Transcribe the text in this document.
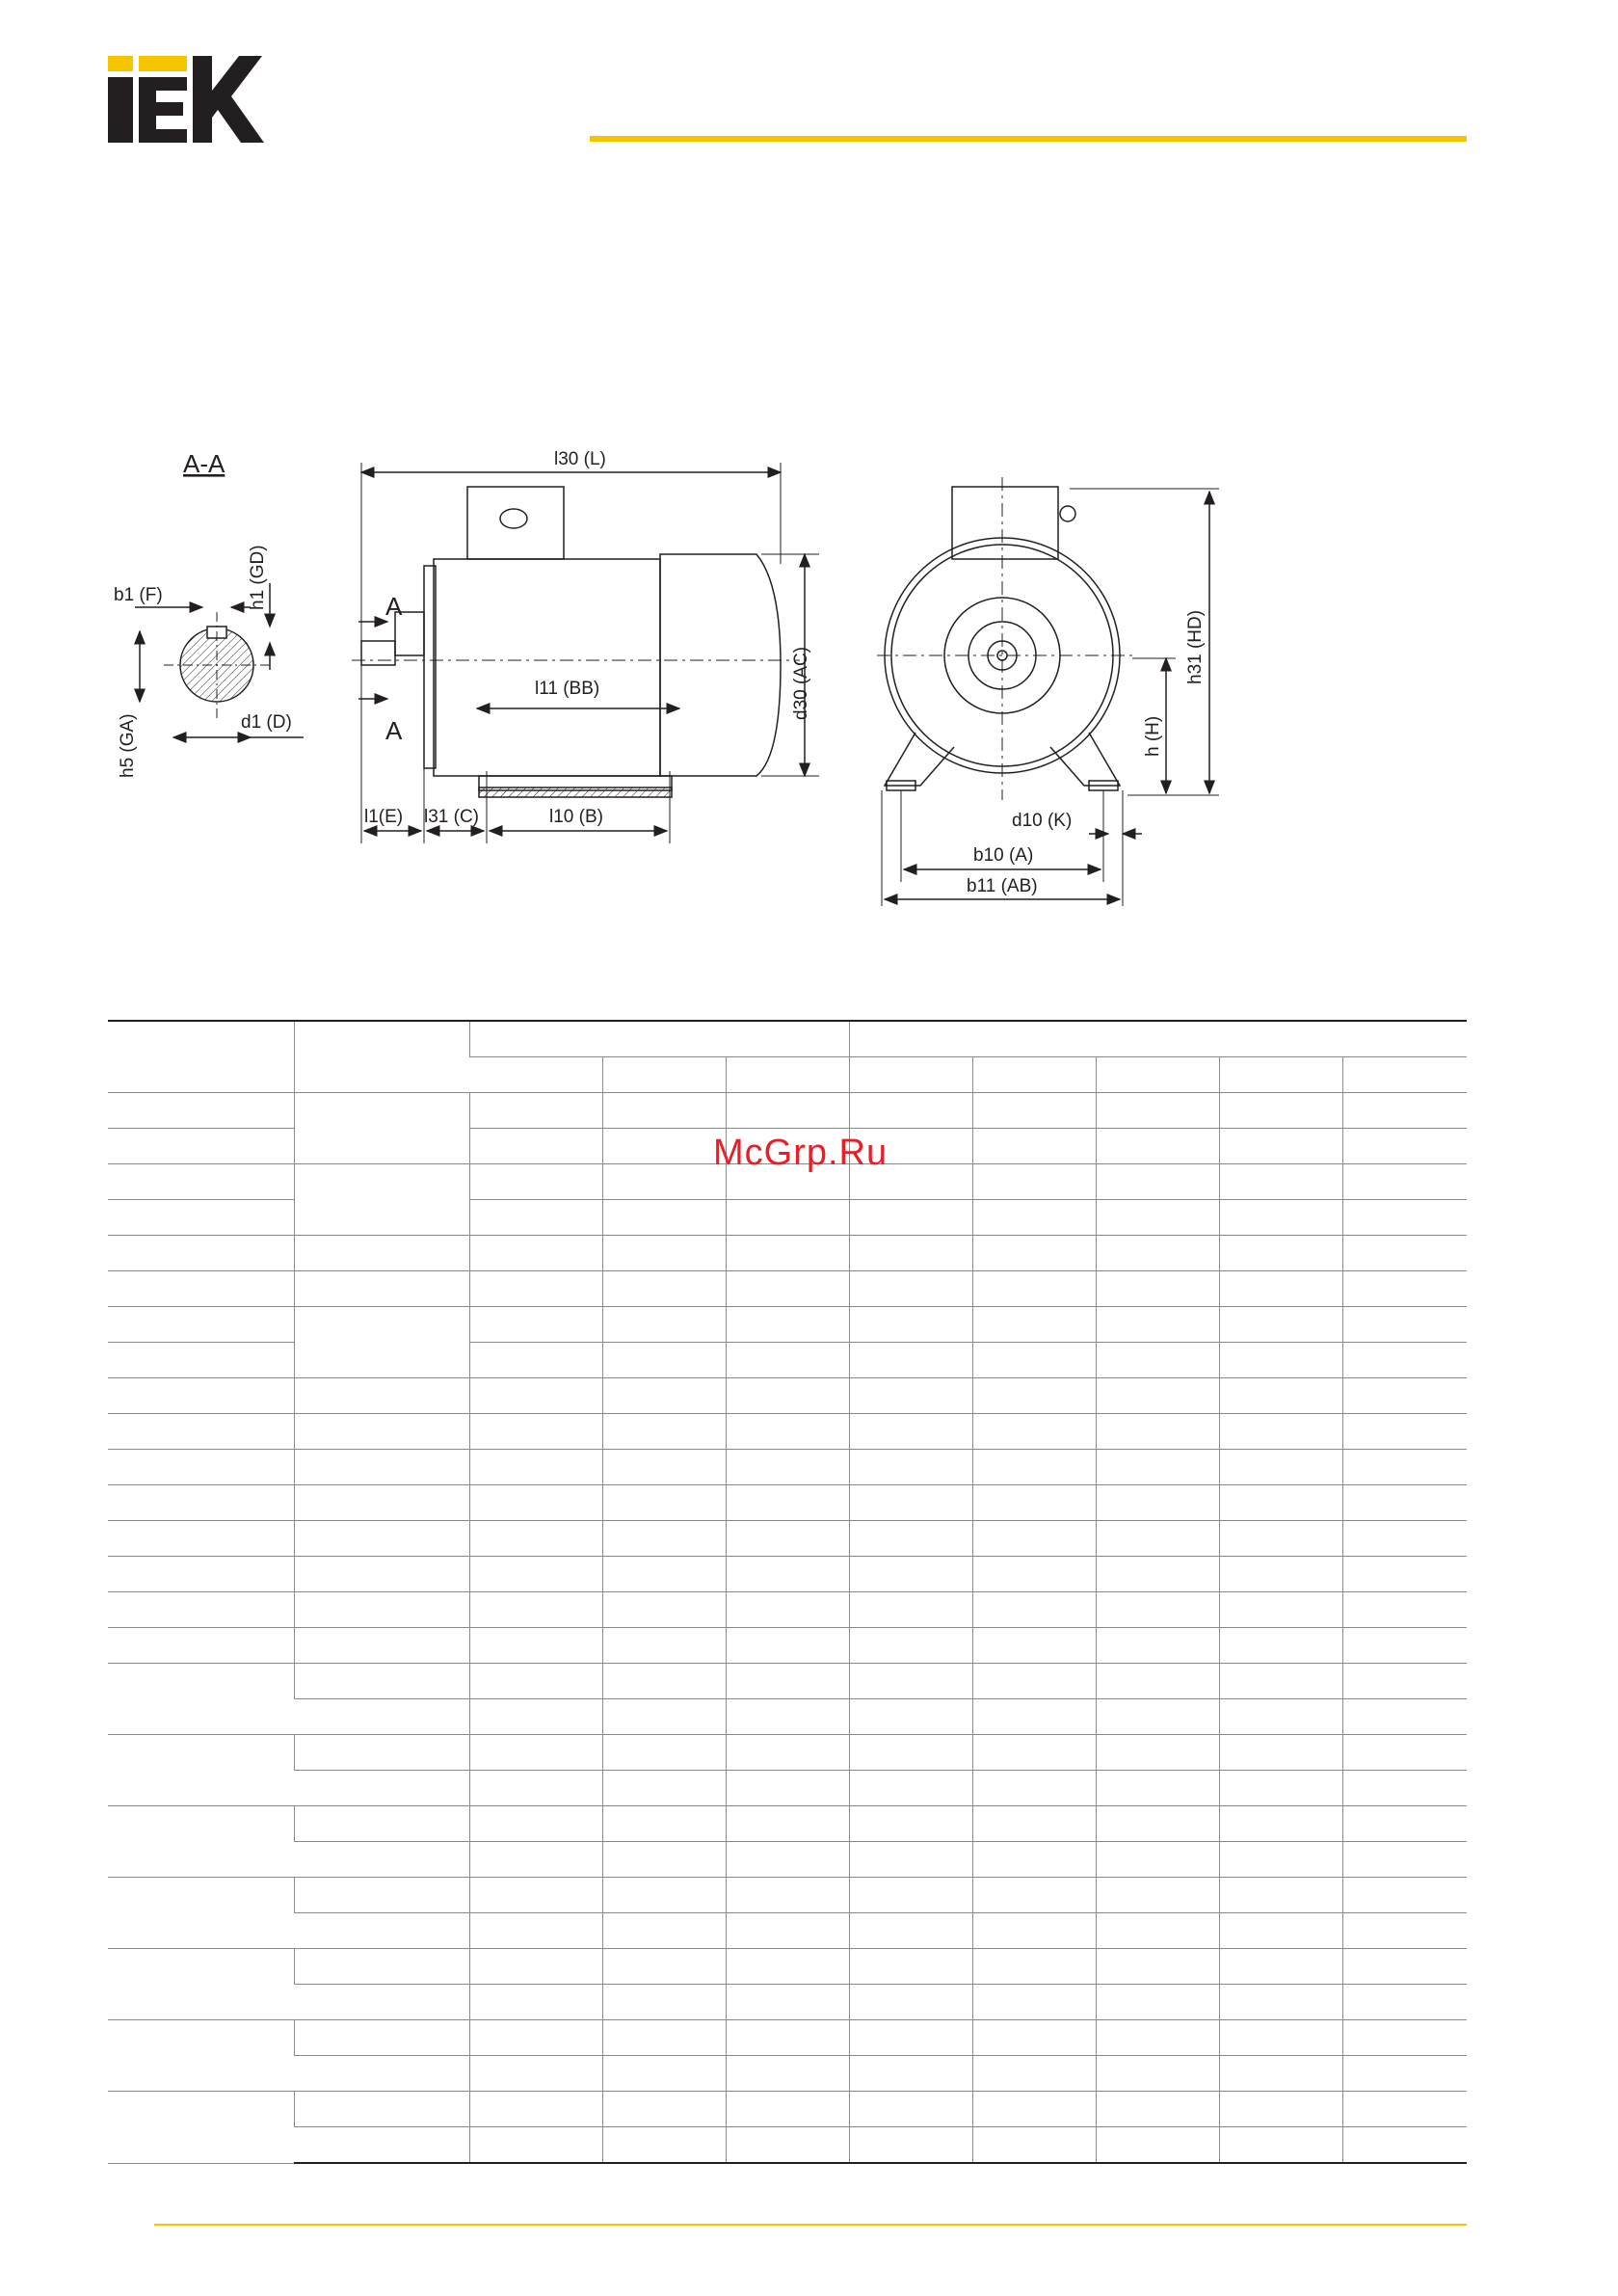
A-A
b1 (F)	h1 (GD)
h5 (GA)	d1 (D)
A
A
l30 (L)
l11 (BB)	d30 (AC)
l1(E) l31 (C)	l10 (B)
h31 (HD)
h (H)
d10 (K)
b10 (A)
b11 (AB)

McGrp.Ru
